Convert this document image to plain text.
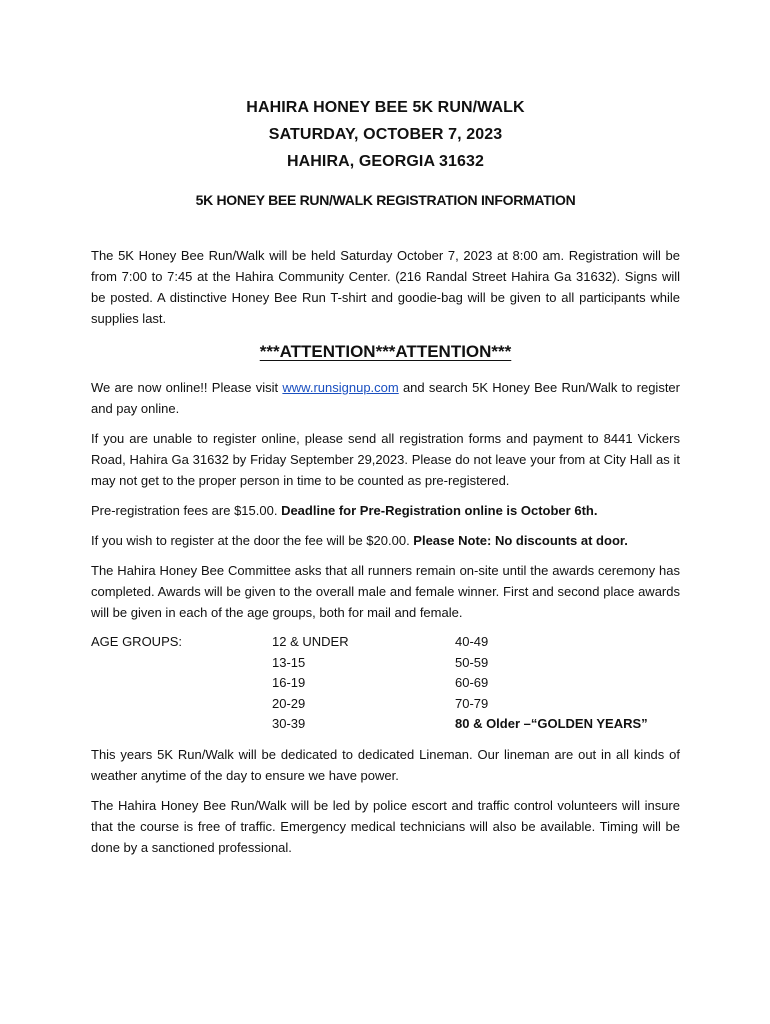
HAHIRA HONEY BEE 5K RUN/WALK

SATURDAY, OCTOBER 7, 2023

HAHIRA, GEORGIA 31632

5K HONEY BEE RUN/WALK REGISTRATION INFORMATION

The 5K Honey Bee Run/Walk will be held Saturday October 7, 2023 at 8:00 am. Registration will be from 7:00 to 7:45 at the Hahira Community Center. (216 Randal Street Hahira Ga 31632). Signs will be posted. A distinctive Honey Bee Run T-shirt and goodie-bag will be given to all participants while supplies last.

***ATTENTION***ATTENTION***

We are now online!! Please visit www.runsignup.com and search 5K Honey Bee Run/Walk to register and pay online.

If you are unable to register online, please send all registration forms and payment to 8441 Vickers Road, Hahira Ga 31632 by Friday September 29,2023. Please do not leave your from at City Hall as it may not get to the proper person in time to be counted as pre-registered.

Pre-registration fees are $15.00. Deadline for Pre-Registration online is October 6th.

If you wish to register at the door the fee will be $20.00. Please Note: No discounts at door.

The Hahira Honey Bee Committee asks that all runners remain on-site until the awards ceremony has completed. Awards will be given to the overall male and female winner. First and second place awards will be given in each of the age groups, both for mail and female.

AGE GROUPS:	12 & UNDER
13-15
16-19
20-29
30-39
40-49
50-59
60-69
70-79
80 & Older –“GOLDEN YEARS”

This years 5K Run/Walk will be dedicated to dedicated Lineman. Our lineman are out in all kinds of weather anytime of the day to ensure we have power.

The Hahira Honey Bee Run/Walk will be led by police escort and traffic control volunteers will insure that the course is free of traffic. Emergency medical technicians will also be available. Timing will be done by a sanctioned professional.
